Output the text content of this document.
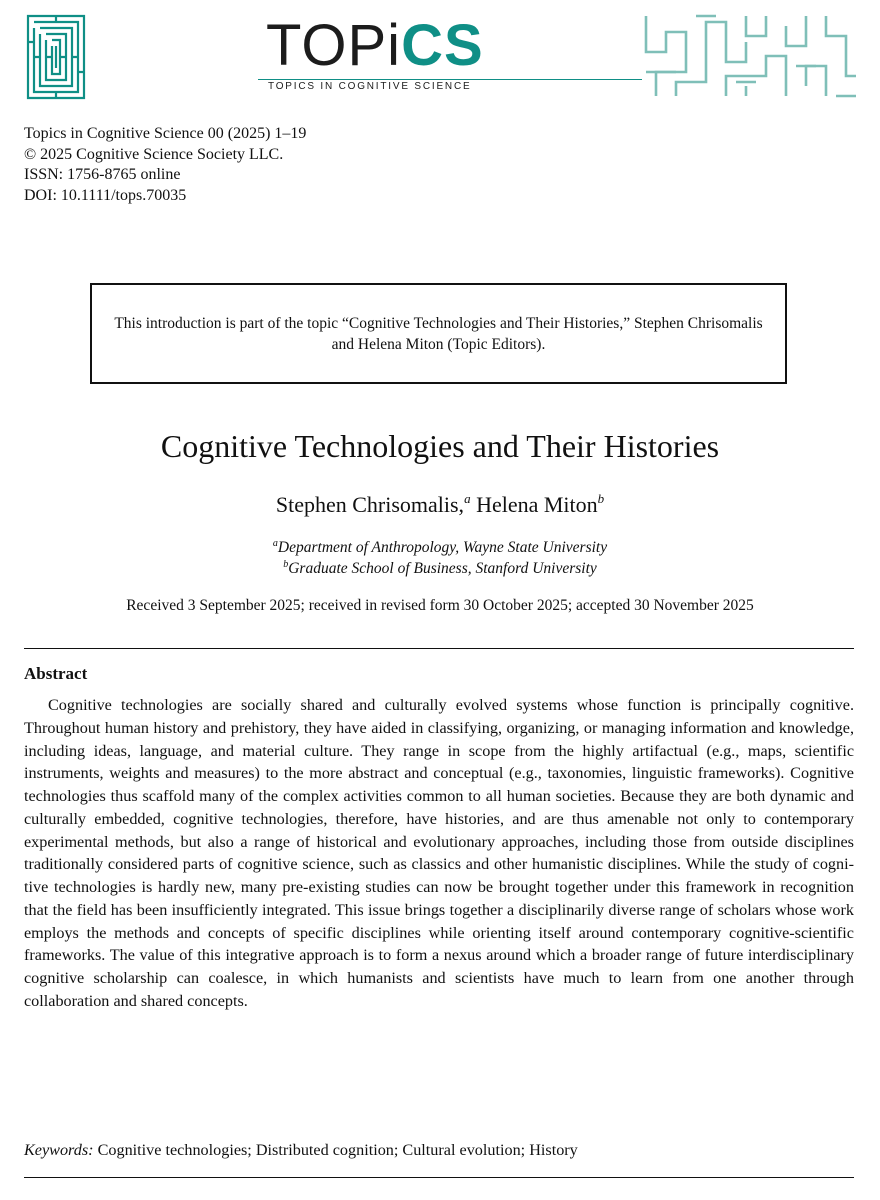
TOPiCS
TOPICS IN COGNITIVE SCIENCE
Topics in Cognitive Science 00 (2025) 1–19
© 2025 Cognitive Science Society LLC.
ISSN: 1756-8765 online
DOI: 10.1111/tops.70035

This introduction is part of the topic “Cognitive Technologies and Their Histories,” Stephen Chrisomalis and Helena Miton (Topic Editors).

Cognitive Technologies and Their Histories
Stephen Chrisomalis,$^a$ Helena Miton$^b$
$^a$Department of Anthropology, Wayne State University
$^b$Graduate School of Business, Stanford University
Received 3 September 2025; received in revised form 30 October 2025; accepted 30 November 2025
Abstract

Cognitive technologies are socially shared and culturally evolved systems whose function is principally cognitive. Throughout human history and prehistory, they have aided in classifying, organizing, or managing information and knowledge, including ideas, language, and material culture. They range in scope from the highly artifactual (e.g., maps, scientific instruments, weights and measures) to the more abstract and conceptual (e.g., taxonomies, linguistic frameworks). Cognitive technologies thus scaffold many of the complex activities common to all human societies. Because they are both dynamic and culturally embedded, cognitive technologies, therefore, have histories, and are thus amenable not only to contemporary experimental methods, but also a range of historical and evolutionary approaches, including those from outside disciplines traditionally considered parts of cognitive science, such as classics and other humanistic disciplines. While the study of cognitive technologies is hardly new, many pre-existing studies can now be brought together under this framework in recognition that the field has been insufficiently integrated. This issue brings together a disciplinarily diverse range of scholars whose work employs the methods and concepts of specific disciplines while orienting itself around contemporary cognitive-scientific frameworks. The value of this integrative approach is to form a nexus around which a broader range of future interdisciplinary cognitive scholarship can coalesce, in which humanists and scientists have much to learn from one another through collaboration and shared concepts.

Keywords: Cognitive technologies; Distributed cognition; Cultural evolution; History
